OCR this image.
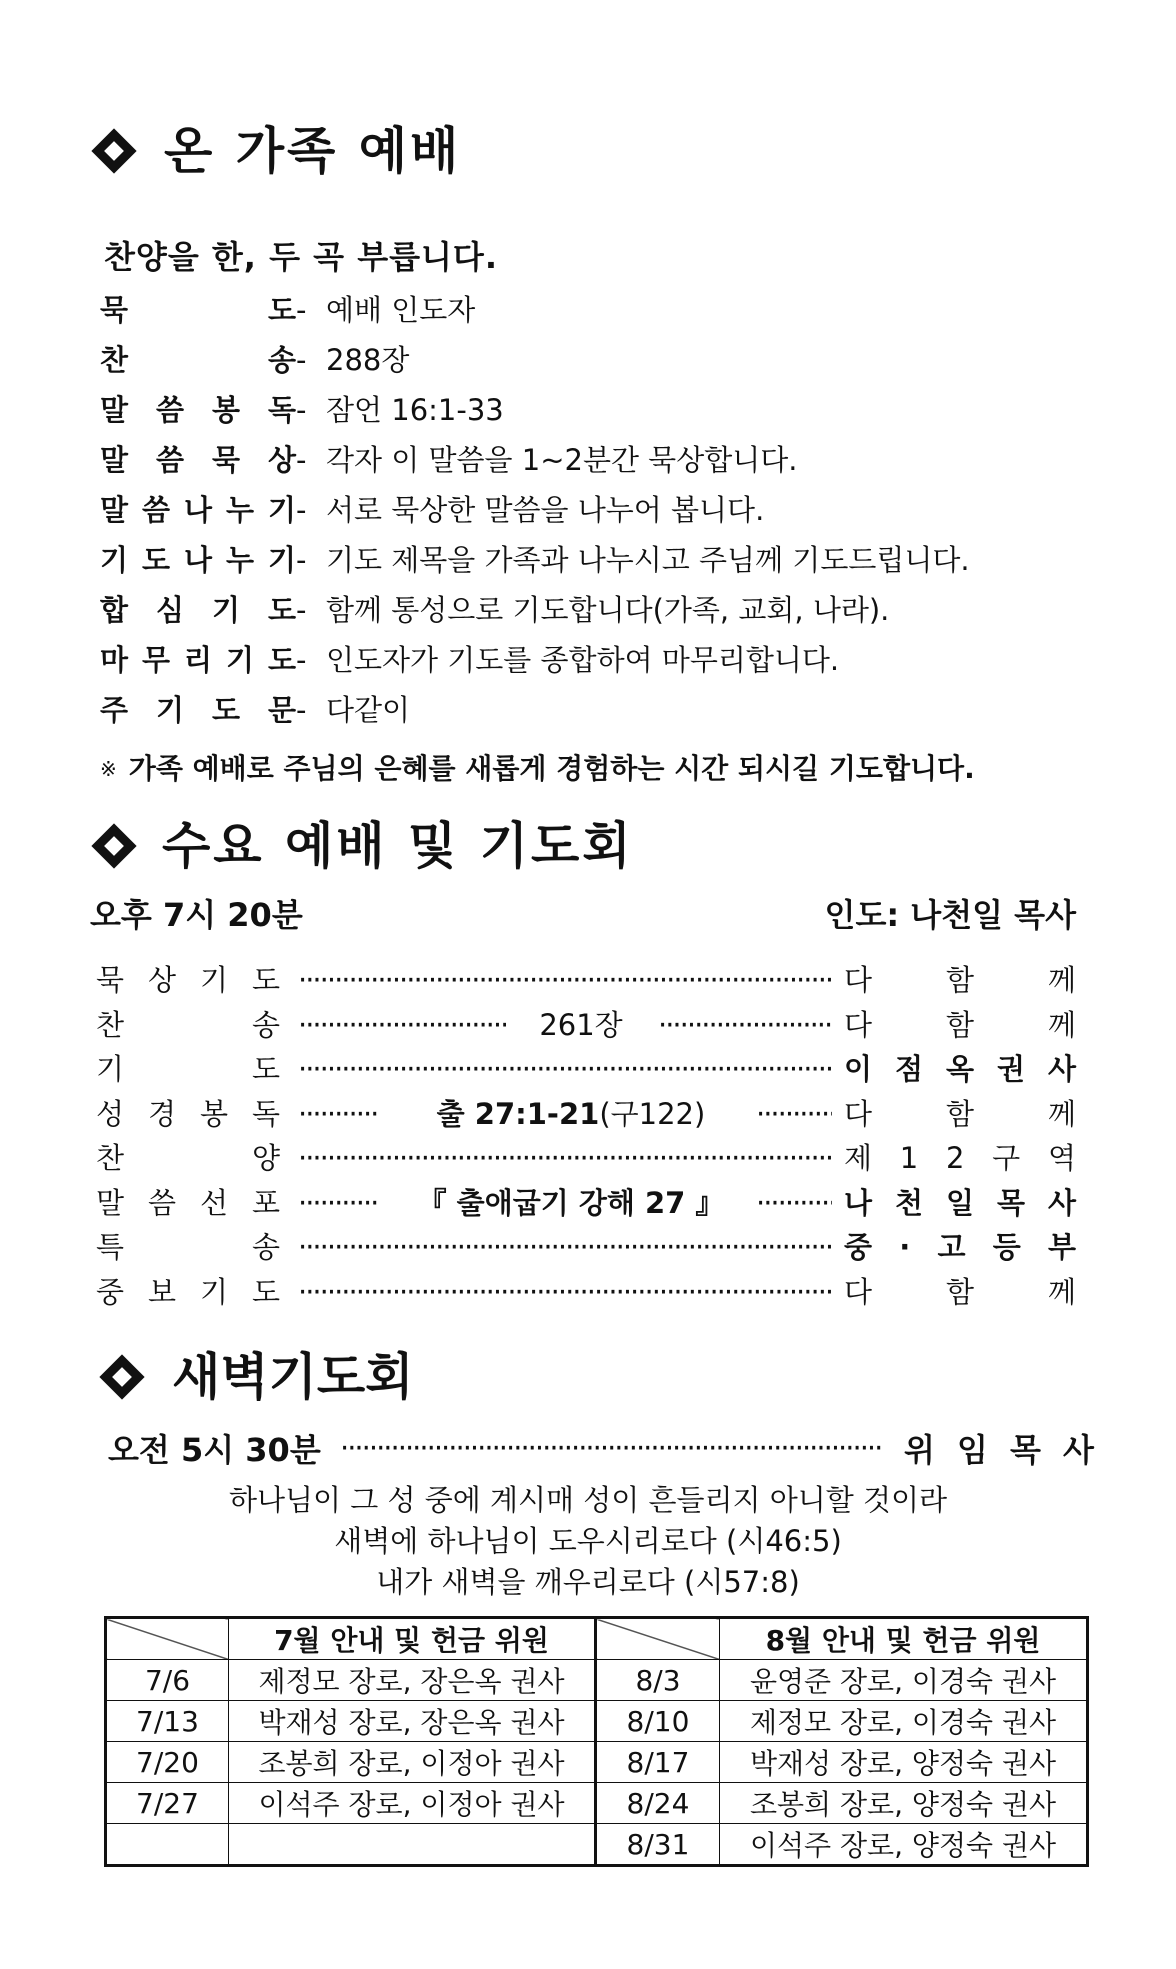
온 가족 예배
찬양을 한, 두 곡 부릅니다.
묵	도 - 예배 인도자
찬	송 - 288장
말 씀 봉 독 - 잠언 16:1-33
말 씀 묵 상 - 각자 이 말씀을 1~2분간 묵상합니다.
말 씀 나 누 기 - 서로 묵상한 말씀을 나누어 봅니다.
기 도 나 누 기 - 기도 제목을 가족과 나누시고 주님께 기도드립니다.
합 심 기 도 - 함께 통성으로 기도합니다(가족, 교회, 나라).
마 무 리 기 도 - 인도자가 기도를 종합하여 마무리합니다.
주 기 도 문 - 다같이
※ 가족 예배로 주님의 은혜를 새롭게 경험하는 시간 되시길 기도합니다.
수요 예배 및 기도회
오후 7시 20분	인도: 나천일 목사
묵 상 기 도 ·····	다	함	께
찬	송 ·····	261장 ·····	다	함	께
기	도 ·····	이 점 옥 권 사
성 경 봉 독 ·····	출 27:1-21(구122) ·····	다	함	께
찬	양 ·····	제 1 2 구 역
말 씀 선 포 ·····	『 출애굽기 강해 27 』 ·····	나 천 일 목 사
특	송 ·····	중 · 고 등 부
중 보 기 도 ·····	다	함	께
새벽기도회
오전 5시 30분 ·····	위 임 목 사
하나님이 그 성 중에 계시매 성이 흔들리지 아니할 것이라
새벽에 하나님이 도우시리로다 (시46:5)
내가 새벽을 깨우리로다 (시57:8)
	7월 안내 및 헌금 위원		8월 안내 및 헌금 위원
7/6	제정모 장로, 장은옥 권사	8/3	윤영준 장로, 이경숙 권사
7/13	박재성 장로, 장은옥 권사	8/10	제정모 장로, 이경숙 권사
7/20	조봉희 장로, 이정아 권사	8/17	박재성 장로, 양정숙 권사
7/27	이석주 장로, 이정아 권사	8/24	조봉희 장로, 양정숙 권사
		8/31	이석주 장로, 양정숙 권사
